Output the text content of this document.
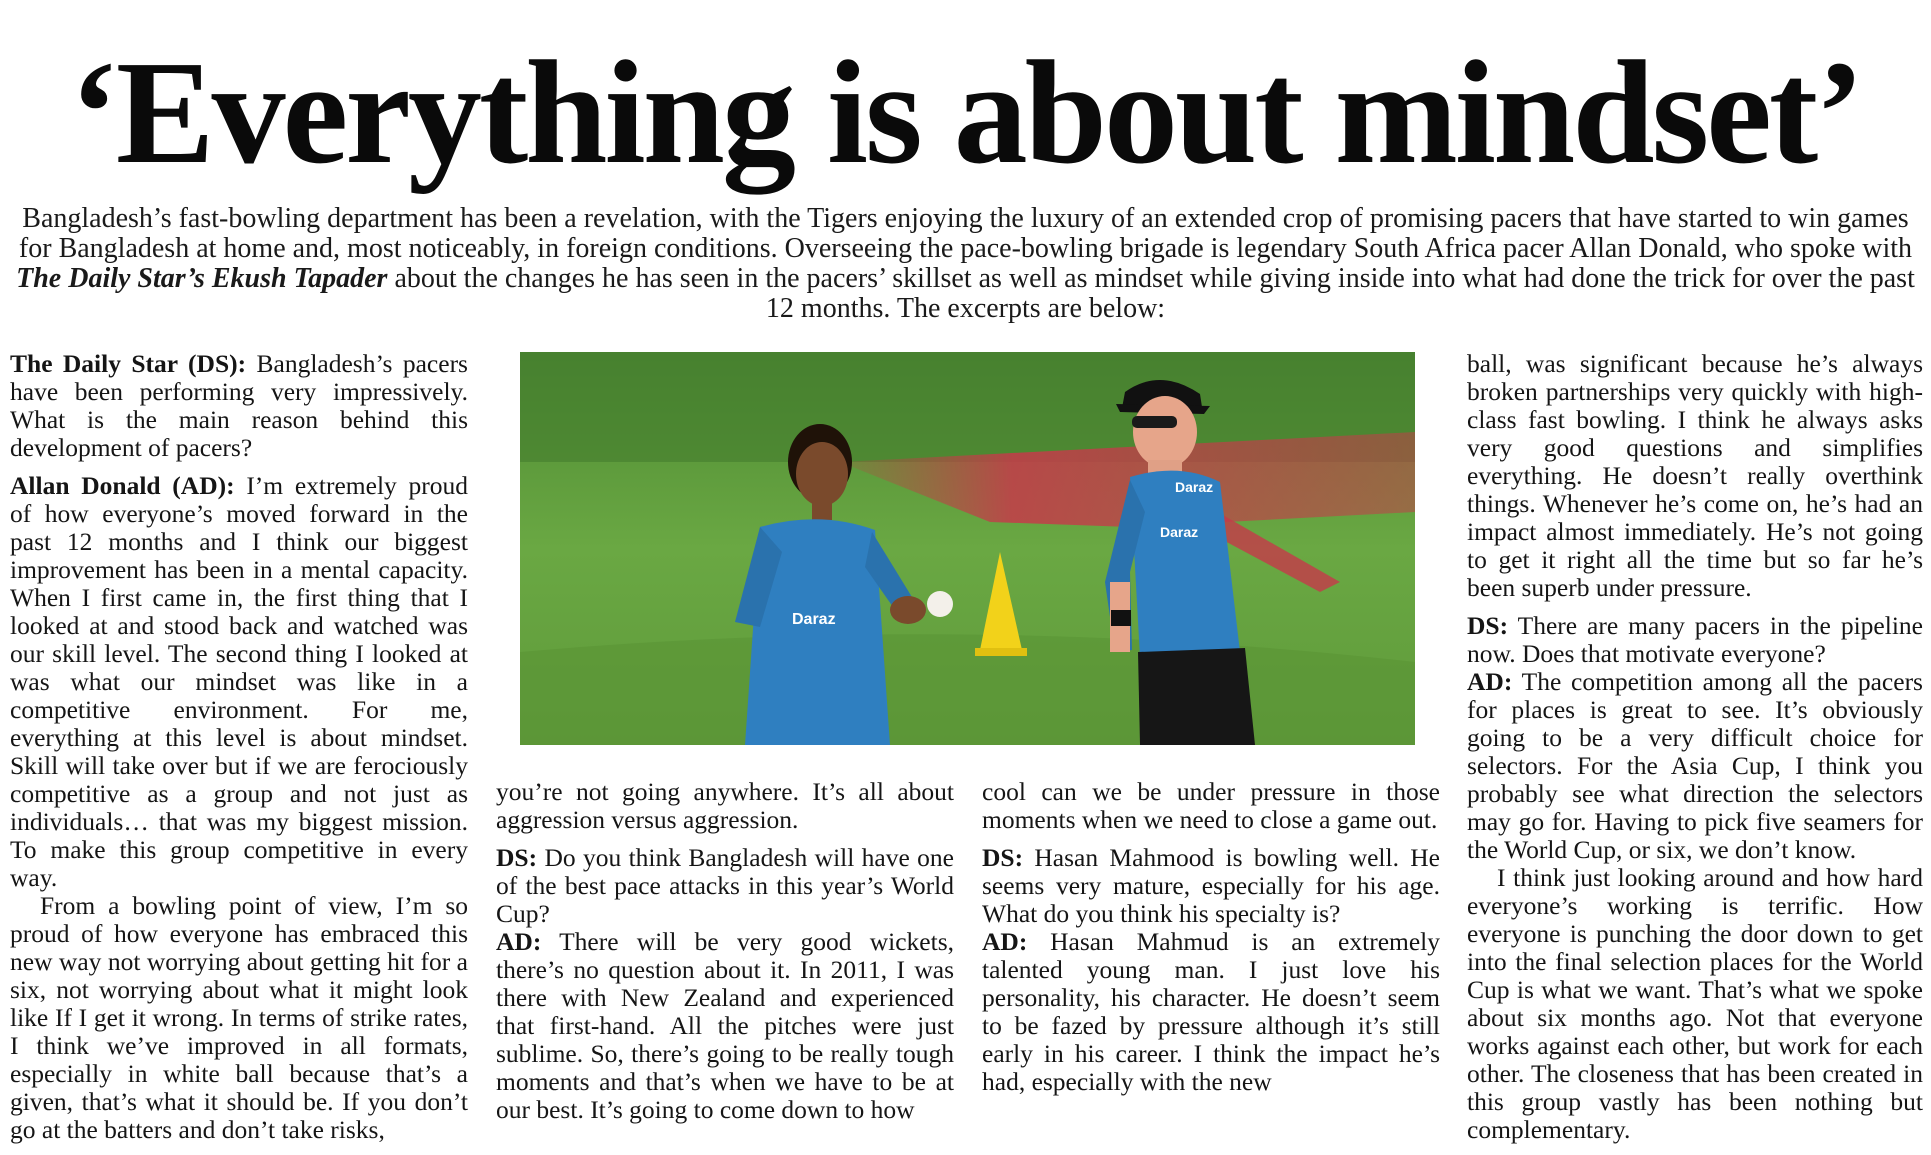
‘Everything is about mindset’
Bangladesh’s fast-bowling department has been a revelation, with the Tigers enjoying the luxury of an extended crop of promising pacers that have started to win games for Bangladesh at home and, most noticeably, in foreign conditions. Overseeing the pace-bowling brigade is legendary South Africa pacer Allan Donald, who spoke with The Daily Star’s Ekush Tapader about the changes he has seen in the pacers’ skillset as well as mindset while giving inside into what had done the trick for over the past 12 months. The excerpts are below:

The Daily Star (DS): Bangladesh’s pacers have been performing very impressively. What is the main reason behind this development of pacers?

Allan Donald (AD): I’m extremely proud of how everyone’s moved forward in the past 12 months and I think our biggest improvement has been in a mental capacity. When I first came in, the first thing that I looked at and stood back and watched was our skill level. The second thing I looked at was what our mindset was like in a competitive environment. For me, everything at this level is about mindset. Skill will take over but if we are ferociously competitive as a group and not just as individuals… that was my biggest mission. To make this group competitive in every way.

From a bowling point of view, I’m so proud of how everyone has embraced this new way not worrying about getting hit for a six, not worrying about what it might look like If I get it wrong. In terms of strike rates, I think we’ve improved in all formats, especially in white ball because that’s a given, that’s what it should be. If you don’t go at the batters and don’t take risks,

Daraz
Daraz
Daraz

you’re not going anywhere. It’s all about aggression versus aggression.

DS: Do you think Bangladesh will have one of the best pace attacks in this year’s World Cup?

AD: There will be very good wickets, there’s no question about it. In 2011, I was there with New Zealand and experienced that first-hand. All the pitches were just sublime. So, there’s going to be really tough moments and that’s when we have to be at our best. It’s going to come down to how

cool can we be under pressure in those moments when we need to close a game out.

DS: Hasan Mahmood is bowling well. He seems very mature, especially for his age. What do you think his specialty is?

AD: Hasan Mahmud is an extremely talented young man. I just love his personality, his character. He doesn’t seem to be fazed by pressure although it’s still early in his career. I think the impact he’s had, especially with the new

ball, was significant because he’s always broken partnerships very quickly with high-class fast bowling. I think he always asks very good questions and simplifies everything. He doesn’t really overthink things. Whenever he’s come on, he’s had an impact almost immediately. He’s not going to get it right all the time but so far he’s been superb under pressure.

DS: There are many pacers in the pipeline now. Does that motivate everyone?

AD: The competition among all the pacers for places is great to see. It’s obviously going to be a very difficult choice for selectors. For the Asia Cup, I think you probably see what direction the selectors may go for. Having to pick five seamers for the World Cup, or six, we don’t know.

I think just looking around and how hard everyone’s working is terrific. How everyone is punching the door down to get into the final selection places for the World Cup is what we want. That’s what we spoke about six months ago. Not that everyone works against each other, but work for each other. The closeness that has been created in this group vastly has been nothing but complementary.
